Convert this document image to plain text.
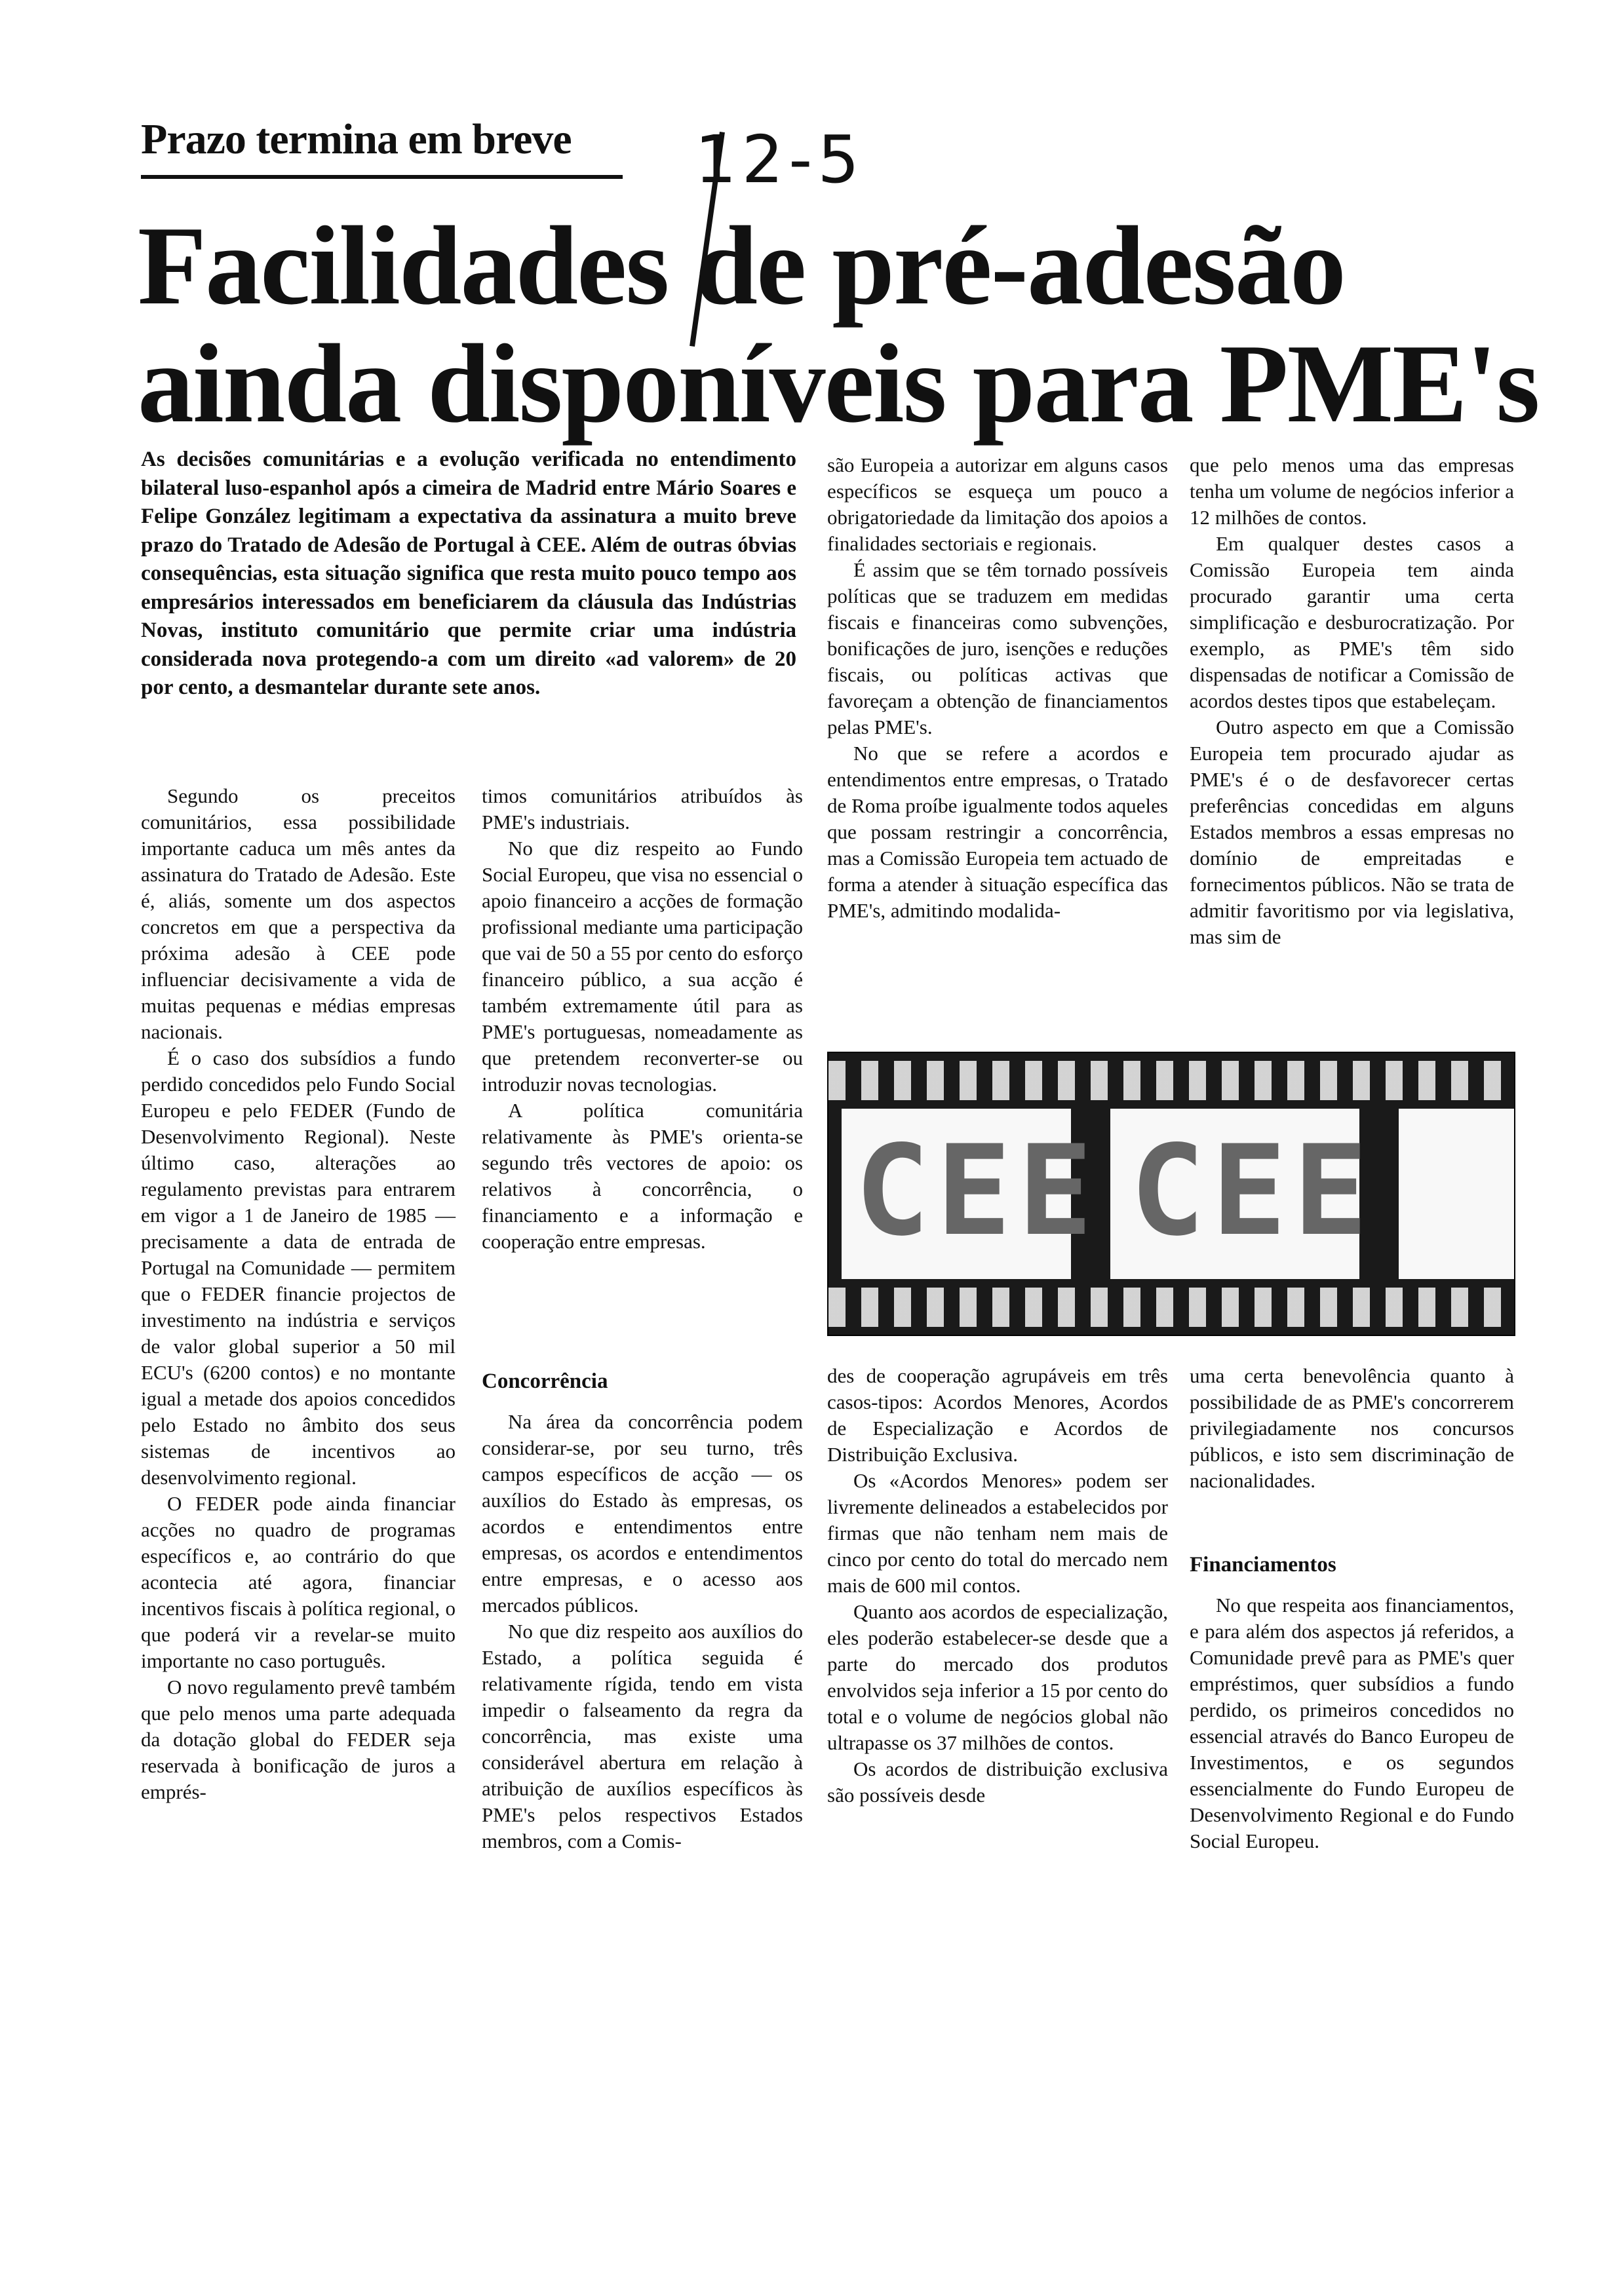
Prazo termina em breve 12-5
Facilidades de pré-adesão
ainda disponíveis para PME's
As decisões comunitárias e a evolução verificada no entendimento bilateral luso-espanhol após a cimeira de Madrid entre Mário Soares e Felipe González legitimam a expectativa da assinatura a muito breve prazo do Tratado de Adesão de Portugal à CEE. Além de outras óbvias consequências, esta situação significa que resta muito pouco tempo aos empresários interessados em beneficiarem da cláusula das Indústrias Novas, instituto comunitário que permite criar uma indústria considerada nova protegendo-a com um direito «ad valorem» de 20 por cento, a desmantelar durante sete anos.

Segundo os preceitos comunitários, essa possibilidade importante caduca um mês antes da assinatura do Tratado de Adesão. Este é, aliás, somente um dos aspectos concretos em que a perspectiva da próxima adesão à CEE pode influenciar decisivamente a vida de muitas pequenas e médias empresas nacionais.

É o caso dos subsídios a fundo perdido concedidos pelo Fundo Social Europeu e pelo FEDER (Fundo de Desenvolvimento Regional). Neste último caso, alterações ao regulamento previstas para entrarem em vigor a 1 de Janeiro de 1985 — precisamente a data de entrada de Portugal na Comunidade — permitem que o FEDER financie projectos de investimento na indústria e serviços de valor global superior a 50 mil ECU's (6200 contos) e no montante igual a metade dos apoios concedidos pelo Estado no âmbito dos seus sistemas de incentivos ao desenvolvimento regional.

O FEDER pode ainda financiar acções no quadro de programas específicos e, ao contrário do que acontecia até agora, financiar incentivos fiscais à política regional, o que poderá vir a revelar-se muito importante no caso português.

O novo regulamento prevê também que pelo menos uma parte adequada da dotação global do FEDER seja reservada à bonificação de juros a emprés-

timos comunitários atribuídos às PME's industriais.

No que diz respeito ao Fundo Social Europeu, que visa no essencial o apoio financeiro a acções de formação profissional mediante uma participação que vai de 50 a 55 por cento do esforço financeiro público, a sua acção é também extremamente útil para as PME's portuguesas, nomeadamente as que pretendem reconverter-se ou introduzir novas tecnologias.

A política comunitária relativamente às PME's orienta-se segundo três vectores de apoio: os relativos à concorrência, o financiamento e a informação e cooperação entre empresas.

Concorrência

Na área da concorrência podem considerar-se, por seu turno, três campos específicos de acção — os auxílios do Estado às empresas, os acordos e entendimentos entre empresas, os acordos e entendimentos entre empresas, e o acesso aos mercados públicos.

No que diz respeito aos auxílios do Estado, a política seguida é relativamente rígida, tendo em vista impedir o falseamento da regra da concorrência, mas existe uma considerável abertura em relação à atribuição de auxílios específicos às PME's pelos respectivos Estados membros, com a Comis-

são Europeia a autorizar em alguns casos específicos se esqueça um pouco a obrigatoriedade da limitação dos apoios a finalidades sectoriais e regionais.

É assim que se têm tornado possíveis políticas que se traduzem em medidas fiscais e financeiras como subvenções, bonificações de juro, isenções e reduções fiscais, ou políticas activas que favoreçam a obtenção de financiamentos pelas PME's.

No que se refere a acordos e entendimentos entre empresas, o Tratado de Roma proíbe igualmente todos aqueles que possam restringir a concorrência, mas a Comissão Europeia tem actuado de forma a atender à situação específica das PME's, admitindo modalida-

que pelo menos uma das empresas tenha um volume de negócios inferior a 12 milhões de contos.

Em qualquer destes casos a Comissão Europeia tem ainda procurado garantir uma certa simplificação e desburocratização. Por exemplo, as PME's têm sido dispensadas de notificar a Comissão de acordos destes tipos que estabeleçam.

Outro aspecto em que a Comissão Europeia tem procurado ajudar as PME's é o de desfavorecer certas preferências concedidas em alguns Estados membros a essas empresas no domínio de empreitadas e fornecimentos públicos. Não se trata de admitir favoritismo por via legislativa, mas sim de

CEE CEE

des de cooperação agrupáveis em três casos-tipos: Acordos Menores, Acordos de Especialização e Acordos de Distribuição Exclusiva.

Os «Acordos Menores» podem ser livremente delineados a estabelecidos por firmas que não tenham nem mais de cinco por cento do total do mercado nem mais de 600 mil contos.

Quanto aos acordos de especialização, eles poderão estabelecer-se desde que a parte do mercado dos produtos envolvidos seja inferior a 15 por cento do total e o volume de negócios global não ultrapasse os 37 milhões de contos.

Os acordos de distribuição exclusiva são possíveis desde

uma certa benevolência quanto à possibilidade de as PME's concorrerem privilegiadamente nos concursos públicos, e isto sem discriminação de nacionalidades.

Financiamentos

No que respeita aos financiamentos, e para além dos aspectos já referidos, a Comunidade prevê para as PME's quer empréstimos, quer subsídios a fundo perdido, os primeiros concedidos no essencial através do Banco Europeu de Investimentos, e os segundos essencialmente do Fundo Europeu de Desenvolvimento Regional e do Fundo Social Europeu.
